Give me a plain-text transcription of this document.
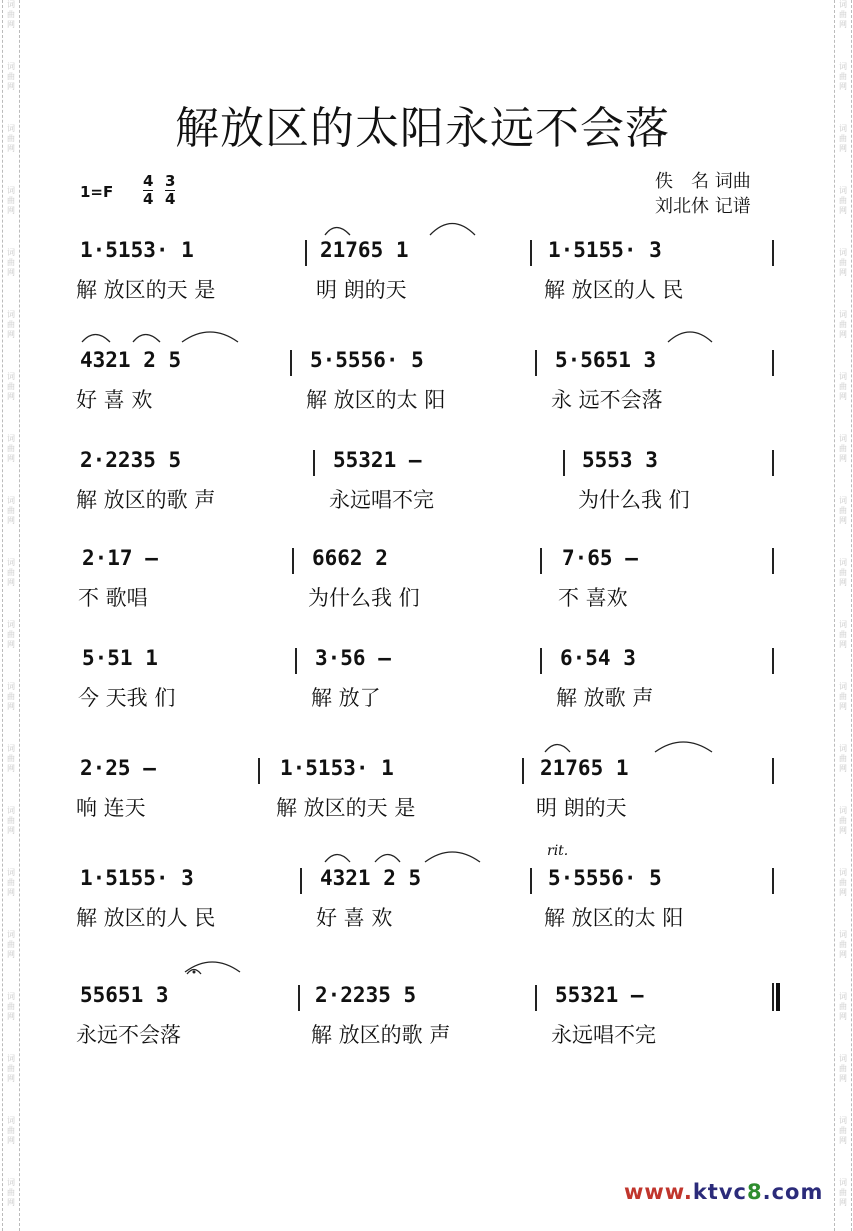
词
曲
网
词
曲
网
词
曲
网
词
曲
网
词
曲
网
词
曲
网
词
曲
网
词
曲
网
词
曲
网
词
曲
网
词
曲
网
词
曲
网
词
曲
网
词
曲
网
词
曲
网
词
曲
网
词
曲
网
词
曲
网
词
曲
网
词
曲
网
词
曲
网
词
曲
网
词
曲
网
词
曲
网
词
曲
网
词
曲
网
词
曲
网
词
曲
网
词
曲
网
词
曲
网
词
曲
网
词
曲
网
词
曲
网
词
曲
网
词
曲
网
词
曲
网
词
曲
网
词
曲
网
词
曲
网
词
曲
网
解放区的太阳永远不会落
1=F
4
4
3
4
佚　名 词曲
刘北休 记谱
rit.
1·5153· 1
解 放区的天 是
21765 1
明 朗的天
1·5155· 3
解 放区的人 民
4321 2 5
好 喜 欢
5·5556· 5
解 放区的太 阳
5·5651 3
永 远不会落
2·2235 5
解 放区的歌 声
55321 —
永远唱不完
5553 3
为什么我 们
2·17 —
不 歌唱
6662 2
为什么我 们
7·65 —
不 喜欢
5·51 1
今 天我 们
3·56 —
解 放了
6·54 3
解 放歌 声
2·25 —
响 连天
1·5153· 1
解 放区的天 是
21765 1
明 朗的天
1·5155· 3
解 放区的人 民
4321 2 5
好 喜 欢
5·5556· 5
解 放区的太 阳
55651 3
永远不会落
2·2235 5
解 放区的歌 声
55321 —
永远唱不完
www.ktvc8.com
